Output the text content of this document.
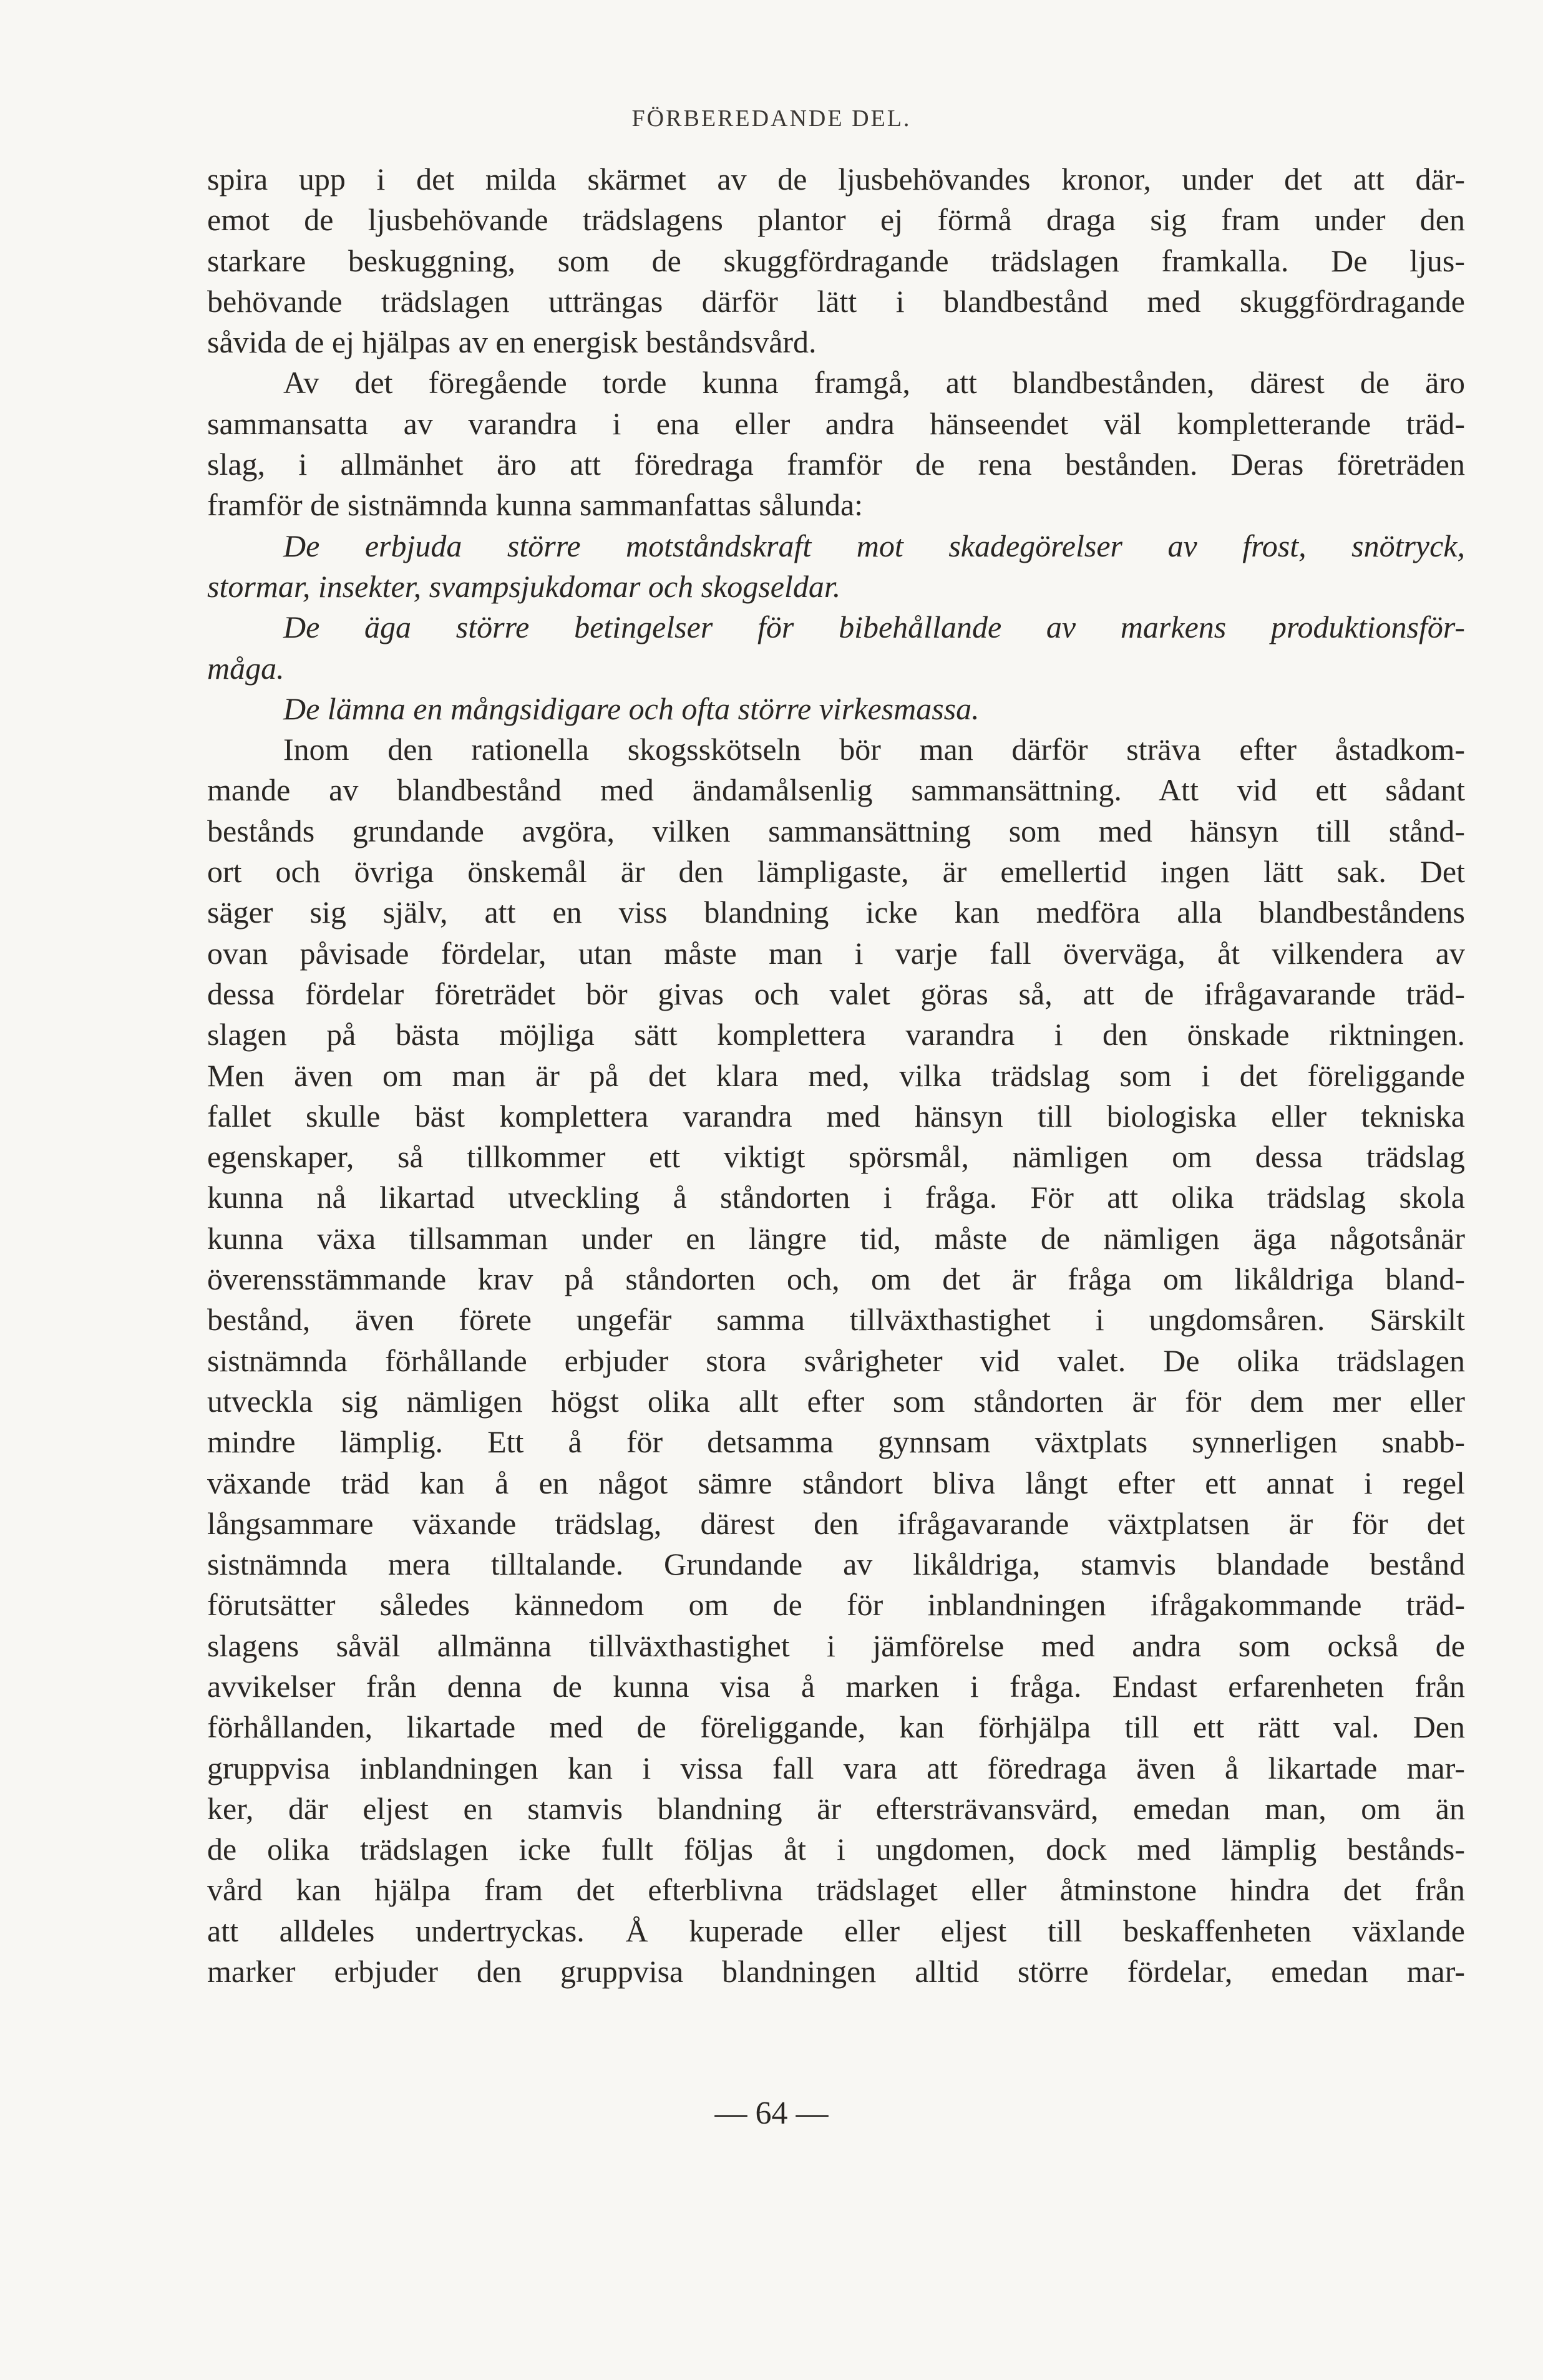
FÖRBEREDANDE DEL.
spira upp i det milda skärmet av de ljusbehövandes kronor, under det att där-
emot de ljusbehövande trädslagens plantor ej förmå draga sig fram under den
starkare beskuggning, som de skuggfördragande trädslagen framkalla. De ljus-
behövande trädslagen utträngas därför lätt i blandbestånd med skuggfördragande
såvida de ej hjälpas av en energisk beståndsvård.
Av det föregående torde kunna framgå, att blandbestånden, därest de äro
sammansatta av varandra i ena eller andra hänseendet väl kompletterande träd-
slag, i allmänhet äro att föredraga framför de rena bestånden. Deras företräden
framför de sistnämnda kunna sammanfattas sålunda:
De erbjuda större motståndskraft mot skadegörelser av frost, snötryck,
stormar, insekter, svampsjukdomar och skogseldar.
De äga större betingelser för bibehållande av markens produktionsför-
måga.
De lämna en mångsidigare och ofta större virkesmassa.
Inom den rationella skogsskötseln bör man därför sträva efter åstadkom-
mande av blandbestånd med ändamålsenlig sammansättning. Att vid ett sådant
bestånds grundande avgöra, vilken sammansättning som med hänsyn till stånd-
ort och övriga önskemål är den lämpligaste, är emellertid ingen lätt sak. Det
säger sig själv, att en viss blandning icke kan medföra alla blandbeståndens
ovan påvisade fördelar, utan måste man i varje fall överväga, åt vilkendera av
dessa fördelar företrädet bör givas och valet göras så, att de ifrågavarande träd-
slagen på bästa möjliga sätt komplettera varandra i den önskade riktningen.
Men även om man är på det klara med, vilka trädslag som i det föreliggande
fallet skulle bäst komplettera varandra med hänsyn till biologiska eller tekniska
egenskaper, så tillkommer ett viktigt spörsmål, nämligen om dessa trädslag
kunna nå likartad utveckling å ståndorten i fråga. För att olika trädslag skola
kunna växa tillsamman under en längre tid, måste de nämligen äga någotsånär
överensstämmande krav på ståndorten och, om det är fråga om likåldriga bland-
bestånd, även förete ungefär samma tillväxthastighet i ungdomsåren. Särskilt
sistnämnda förhållande erbjuder stora svårigheter vid valet. De olika trädslagen
utveckla sig nämligen högst olika allt efter som ståndorten är för dem mer eller
mindre lämplig. Ett å för detsamma gynnsam växtplats synnerligen snabb-
växande träd kan å en något sämre ståndort bliva långt efter ett annat i regel
långsammare växande trädslag, därest den ifrågavarande växtplatsen är för det
sistnämnda mera tilltalande. Grundande av likåldriga, stamvis blandade bestånd
förutsätter således kännedom om de för inblandningen ifrågakommande träd-
slagens såväl allmänna tillväxthastighet i jämförelse med andra som också de
avvikelser från denna de kunna visa å marken i fråga. Endast erfarenheten från
förhållanden, likartade med de föreliggande, kan förhjälpa till ett rätt val. Den
gruppvisa inblandningen kan i vissa fall vara att föredraga även å likartade mar-
ker, där eljest en stamvis blandning är eftersträvansvärd, emedan man, om än
de olika trädslagen icke fullt följas åt i ungdomen, dock med lämplig bestånds-
vård kan hjälpa fram det efterblivna trädslaget eller åtminstone hindra det från
att alldeles undertryckas. Å kuperade eller eljest till beskaffenheten växlande
marker erbjuder den gruppvisa blandningen alltid större fördelar, emedan mar-
— 64 —
